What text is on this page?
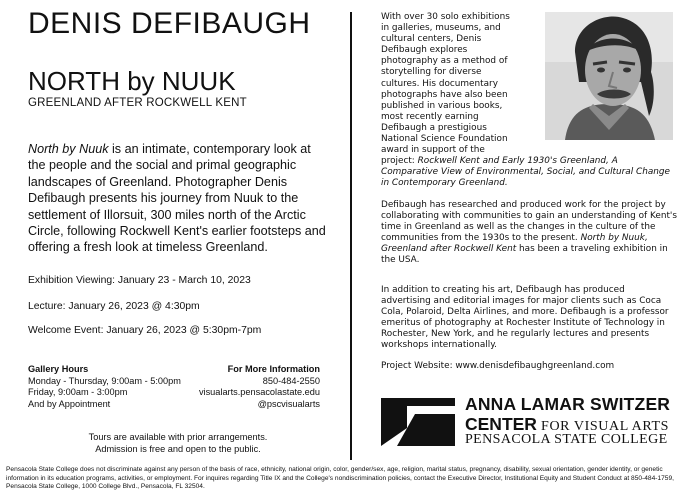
DENIS DEFIBAUGH
NORTH by NUUK
GREENLAND AFTER ROCKWELL KENT
North by Nuuk is an intimate, contemporary look at the people and the social and primal geographic landscapes of Greenland. Photographer Denis Defibaugh presents his journey from Nuuk to the settlement of Illorsuit, 300 miles north of the Arctic Circle, following Rockwell Kent's earlier footsteps and offering a fresh look at timeless Greenland.
Exhibition Viewing: January 23 - March 10, 2023
Lecture: January 26, 2023 @ 4:30pm
Welcome Event: January 26, 2023 @ 5:30pm-7pm
Gallery Hours
Monday - Thursday, 9:00am - 5:00pm
Friday, 9:00am - 3:00pm
And by Appointment
For More Information
850-484-2550
visualarts.pensacolastate.edu
@pscvisualarts
Tours are available with prior arrangements.
Admission is free and open to the public.
With over 30 solo exhibitions
in galleries, museums, and
cultural centers, Denis
Defibaugh explores
photography as a method of
storytelling for diverse
cultures. His documentary
photographs have also been
published in various books,
most recently earning
Defibaugh a prestigious
National Science Foundation
award in support of the
project: Rockwell Kent and Early 1930's Greenland, A Comparative View of Environmental, Social, and Cultural Change in Contemporary Greenland.
Defibaugh has researched and produced work for the project by collaborating with communities to gain an understanding of Kent's time in Greenland as well as the changes in the culture of the communities from the 1930s to the present. North by Nuuk, Greenland after Rockwell Kent has been a traveling exhibition in the USA.
In addition to creating his art, Defibaugh has produced advertising and editorial images for major clients such as Coca Cola, Polaroid, Delta Airlines, and more. Defibaugh is a professor emeritus of photography at Rochester Institute of Technology in Rochester, New York, and he regularly lectures and presents workshops internationally.
Project Website: www.denisdefibaughgreenland.com
ANNA LAMAR SWITZER
CENTER FOR VISUAL ARTS
PENSACOLA STATE COLLEGE
Pensacola State College does not discriminate against any person of the basis of race, ethnicity, national origin, color, gender/sex, age, religion, marital status, pregnancy, disability, sexual orientation, gender identity, or genetic information in its education programs, activities, or employment. For inquires regarding Title IX and the College's nondiscrimination policies, contact the Executive Director, Institutional Equity and Student Conduct at 850-484-1759, Pensacola State College, 1000 College Blvd., Pensacola, FL 32504.
